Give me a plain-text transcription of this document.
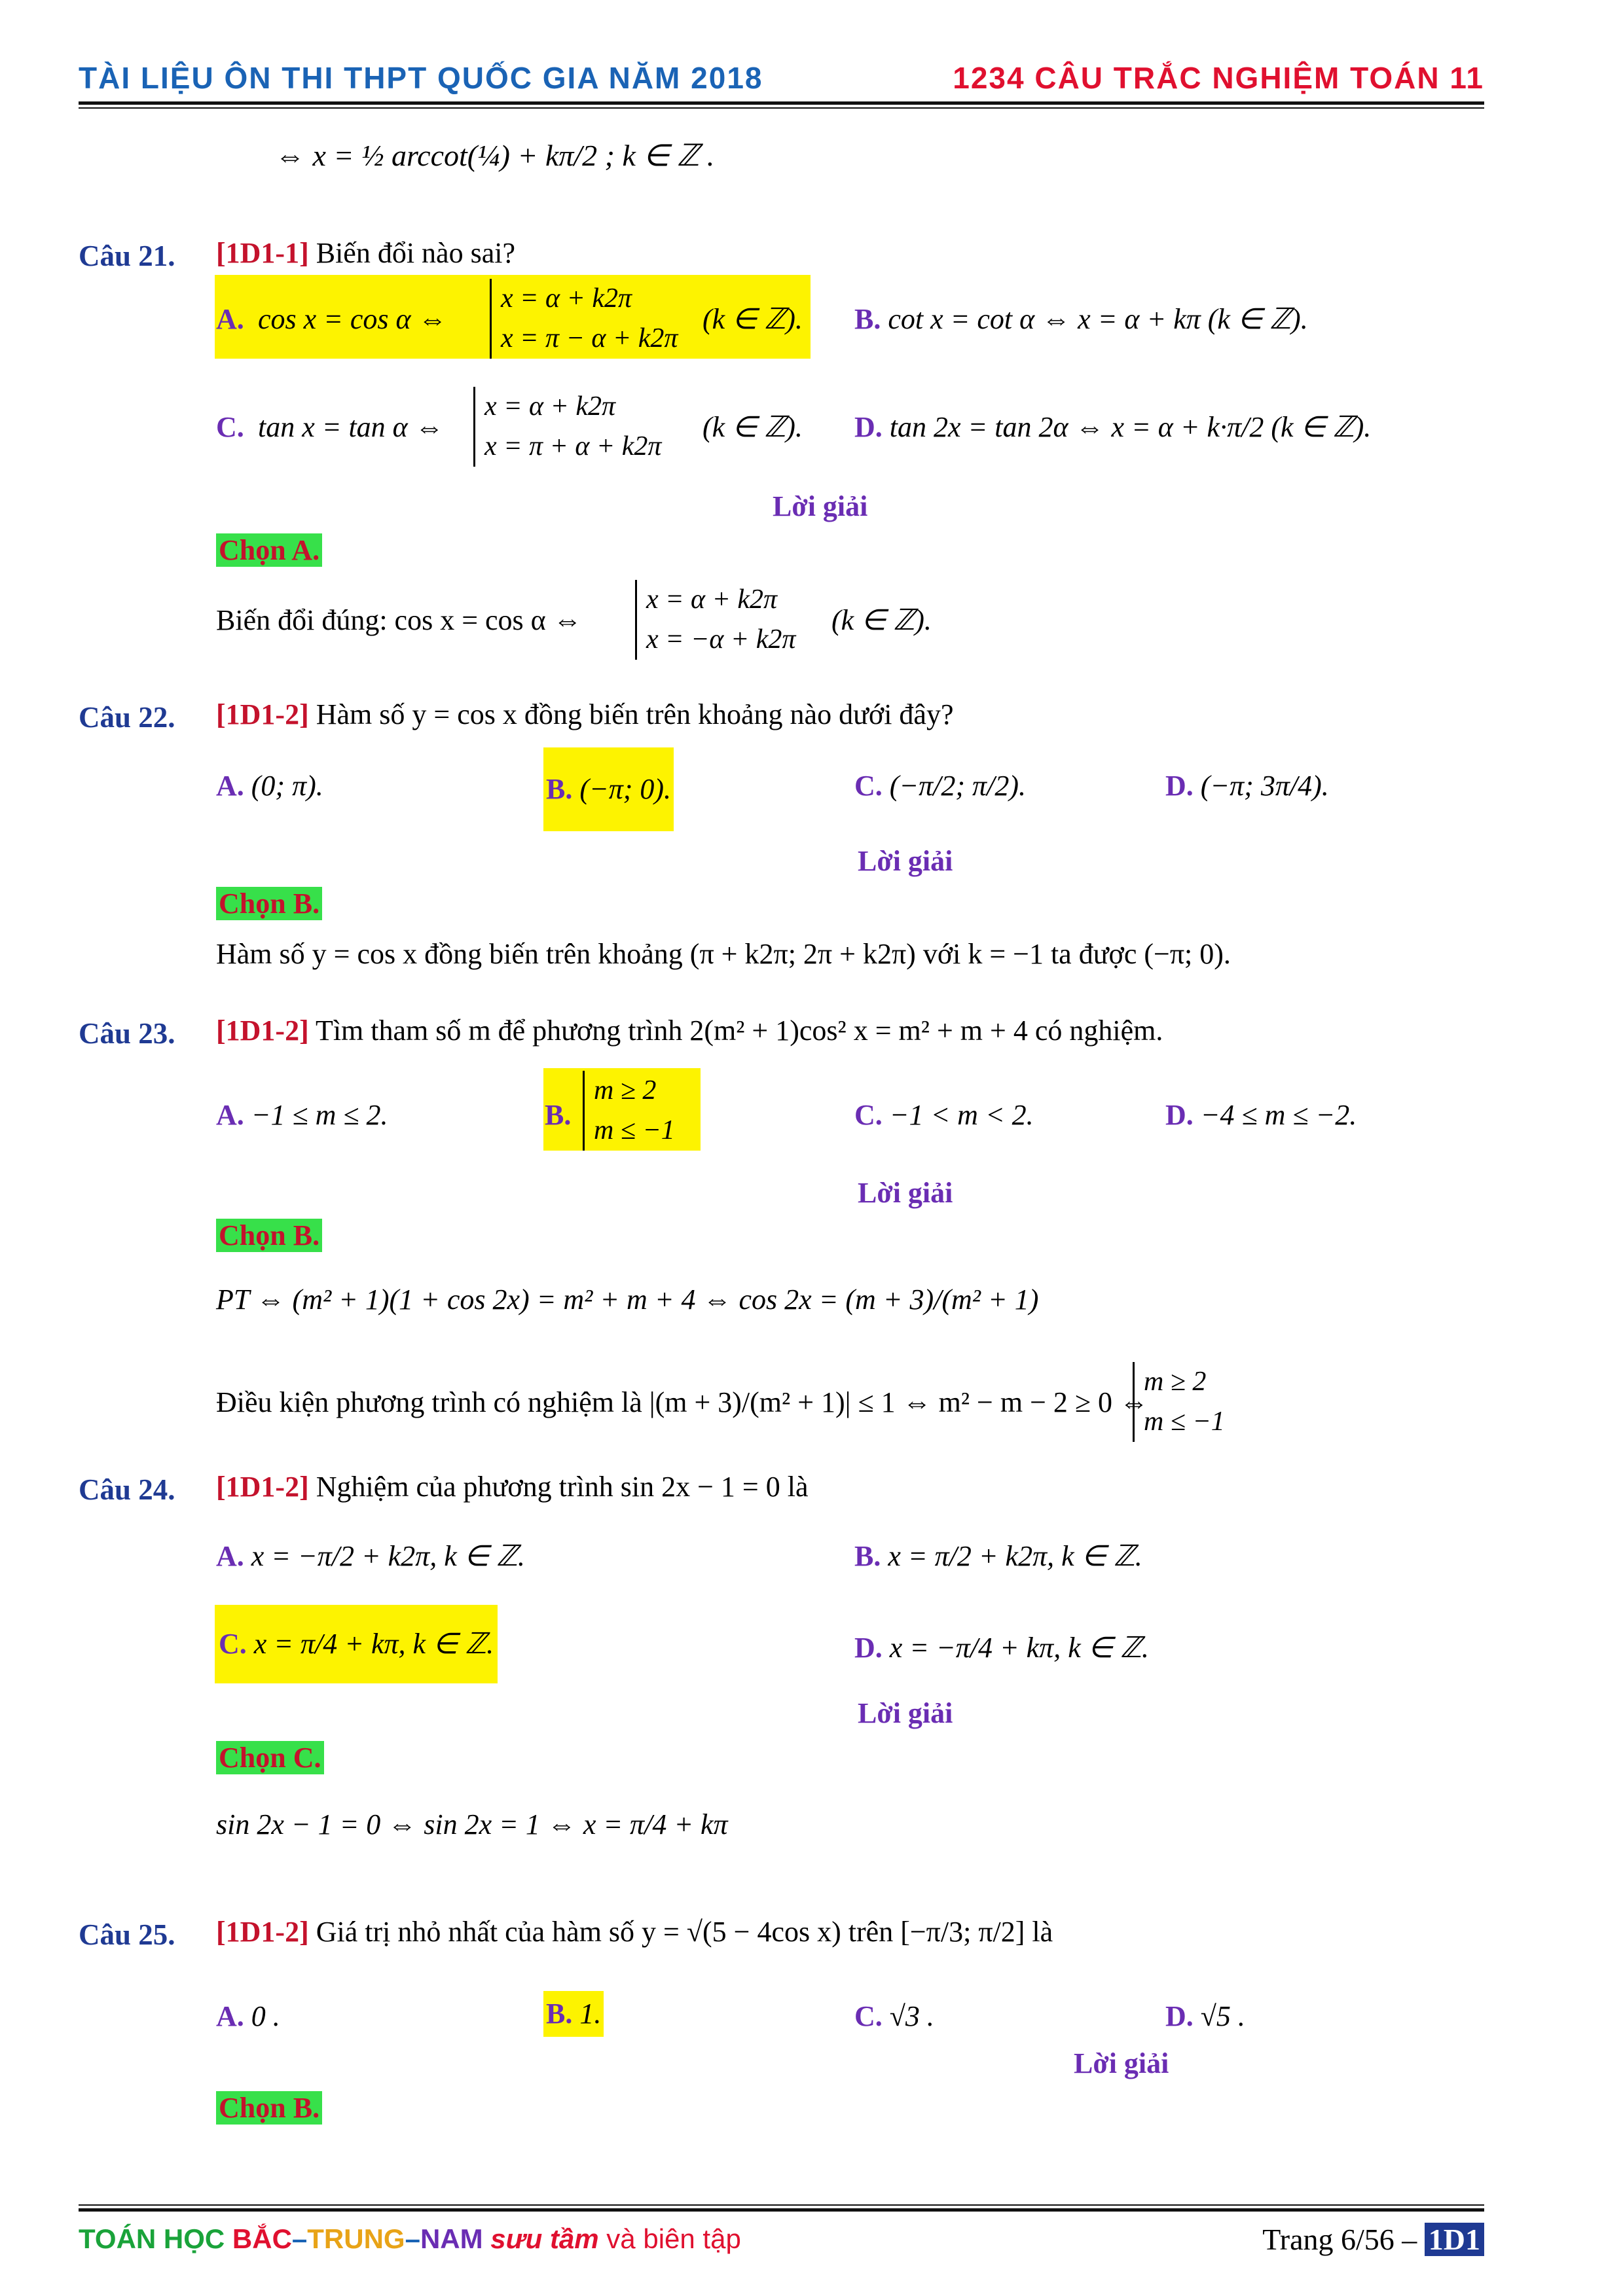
TÀI LIỆU ÔN THI THPT QUỐC GIA NĂM 2018	1234 CÂU TRẮC NGHIỆM TOÁN 11
⇔ x = ½ arccot(¼) + kπ/2 ; k ∈ ℤ .
Câu 21. [1D1-1] Biến đổi nào sai?
A. cos x = cos α ⇔
x = α + k2π
x = π − α + k2π
(k ∈ ℤ). B. cot x = cot α ⇔ x = α + kπ (k ∈ ℤ).
C. tan x = tan α ⇔
x = α + k2π
x = π + α + k2π
(k ∈ ℤ). D. tan 2x = tan 2α ⇔ x = α + k·π/2 (k ∈ ℤ).
Lời giải
Chọn A.
Biến đổi đúng: cos x = cos α ⇔
x = α + k2π
x = −α + k2π
(k ∈ ℤ).
Câu 22. [1D1-2] Hàm số y = cos x đồng biến trên khoảng nào dưới đây?
A. (0; π).	B. (−π; 0).	C. (−π/2; π/2).	D. (−π; 3π/4).
Lời giải
Chọn B.
Hàm số y = cos x đồng biến trên khoảng (π + k2π; 2π + k2π) với k = −1 ta được (−π; 0).
Câu 23. [1D1-2] Tìm tham số m để phương trình 2(m² + 1)cos² x = m² + m + 4 có nghiệm.
A. −1 ≤ m ≤ 2.	B.
m ≥ 2
m ≤ −1	C. −1 < m < 2.	D. −4 ≤ m ≤ −2.
Lời giải
Chọn B.
PT ⇔ (m² + 1)(1 + cos 2x) = m² + m + 4 ⇔ cos 2x = (m + 3)/(m² + 1)
Điều kiện phương trình có nghiệm là |(m + 3)/(m² + 1)| ≤ 1 ⇔ m² − m − 2 ≥ 0 ⇔
m ≥ 2
m ≤ −1
Câu 24. [1D1-2] Nghiệm của phương trình sin 2x − 1 = 0 là
A. x = −π/2 + k2π, k ∈ ℤ.	B. x = π/2 + k2π, k ∈ ℤ.
C. x = π/4 + kπ, k ∈ ℤ.	D. x = −π/4 + kπ, k ∈ ℤ.
Lời giải
Chọn C.
sin 2x − 1 = 0 ⇔ sin 2x = 1 ⇔ x = π/4 + kπ
Câu 25. [1D1-2] Giá trị nhỏ nhất của hàm số y = √(5 − 4cos x) trên [−π/3; π/2] là
A. 0 .	B. 1.	C. √3 .	D. √5 .
Lời giải
Chọn B.
TOÁN HỌC BẮC–TRUNG–NAM sưu tầm và biên tập	Trang 6/56 – 1D1
